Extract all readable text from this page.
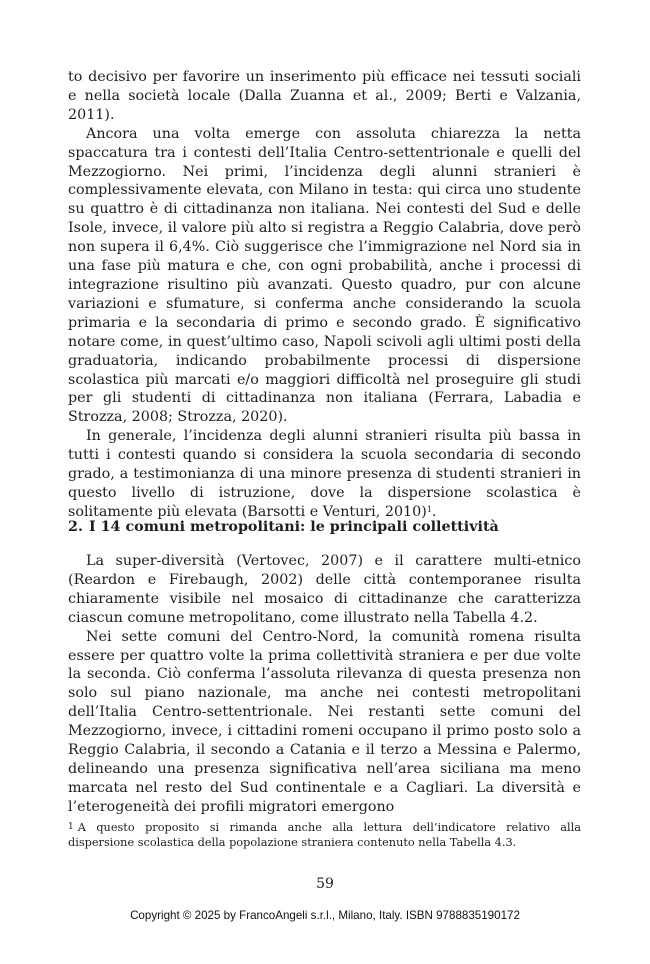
to decisivo per favorire un inserimento più efficace nei tessuti sociali e nella società locale (Dalla Zuanna et al., 2009; Berti e Valzania, 2011).

Ancora una volta emerge con assoluta chiarezza la netta spaccatura tra i contesti dell’Italia Centro-settentrionale e quelli del Mezzogiorno. Nei primi, l’incidenza degli alunni stranieri è complessivamente elevata, con Milano in testa: qui circa uno studente su quattro è di cittadinanza non italiana. Nei contesti del Sud e delle Isole, invece, il valore più alto si registra a Reggio Calabria, dove però non supera il 6,4%. Ciò suggerisce che l’immigrazione nel Nord sia in una fase più matura e che, con ogni probabilità, anche i processi di integrazione risultino più avanzati. Questo quadro, pur con alcune variazioni e sfumature, si conferma anche considerando la scuola primaria e la secondaria di primo e secondo grado. È significativo notare come, in quest’ultimo caso, Napoli scivoli agli ultimi posti della graduatoria, indicando probabilmente processi di dispersione scolastica più marcati e/o maggiori difficoltà nel proseguire gli studi per gli studenti di cittadinanza non italiana (Ferrara, Labadia e Strozza, 2008; Strozza, 2020).

In generale, l’incidenza degli alunni stranieri risulta più bassa in tutti i contesti quando si considera la scuola secondaria di secondo grado, a testimonianza di una minore presenza di studenti stranieri in questo livello di istruzione, dove la dispersione scolastica è solitamente più elevata (Barsotti e Venturi, 2010)$^1$.

2. I 14 comuni metropolitani: le principali collettività

La super-diversità (Vertovec, 2007) e il carattere multi-etnico (Reardon e Firebaugh, 2002) delle città contemporanee risulta chiaramente visibile nel mosaico di cittadinanze che caratterizza ciascun comune metropolitano, come illustrato nella Tabella 4.2.

Nei sette comuni del Centro-Nord, la comunità romena risulta essere per quattro volte la prima collettività straniera e per due volte la seconda. Ciò conferma l’assoluta rilevanza di questa presenza non solo sul piano nazionale, ma anche nei contesti metropolitani dell’Italia Centro-settentrionale. Nei restanti sette comuni del Mezzogiorno, invece, i cittadini romeni occupano il primo posto solo a Reggio Calabria, il secondo a Catania e il terzo a Messina e Palermo, delineando una presenza significativa nell’area siciliana ma meno marcata nel resto del Sud continentale e a Cagliari. La diversità e l’eterogeneità dei profili migratori emergono

$^1$ A questo proposito si rimanda anche alla lettura dell’indicatore relativo alla dispersione scolastica della popolazione straniera contenuto nella Tabella 4.3.

59

Copyright © 2025 by FrancoAngeli s.r.l., Milano, Italy. ISBN 9788835190172
